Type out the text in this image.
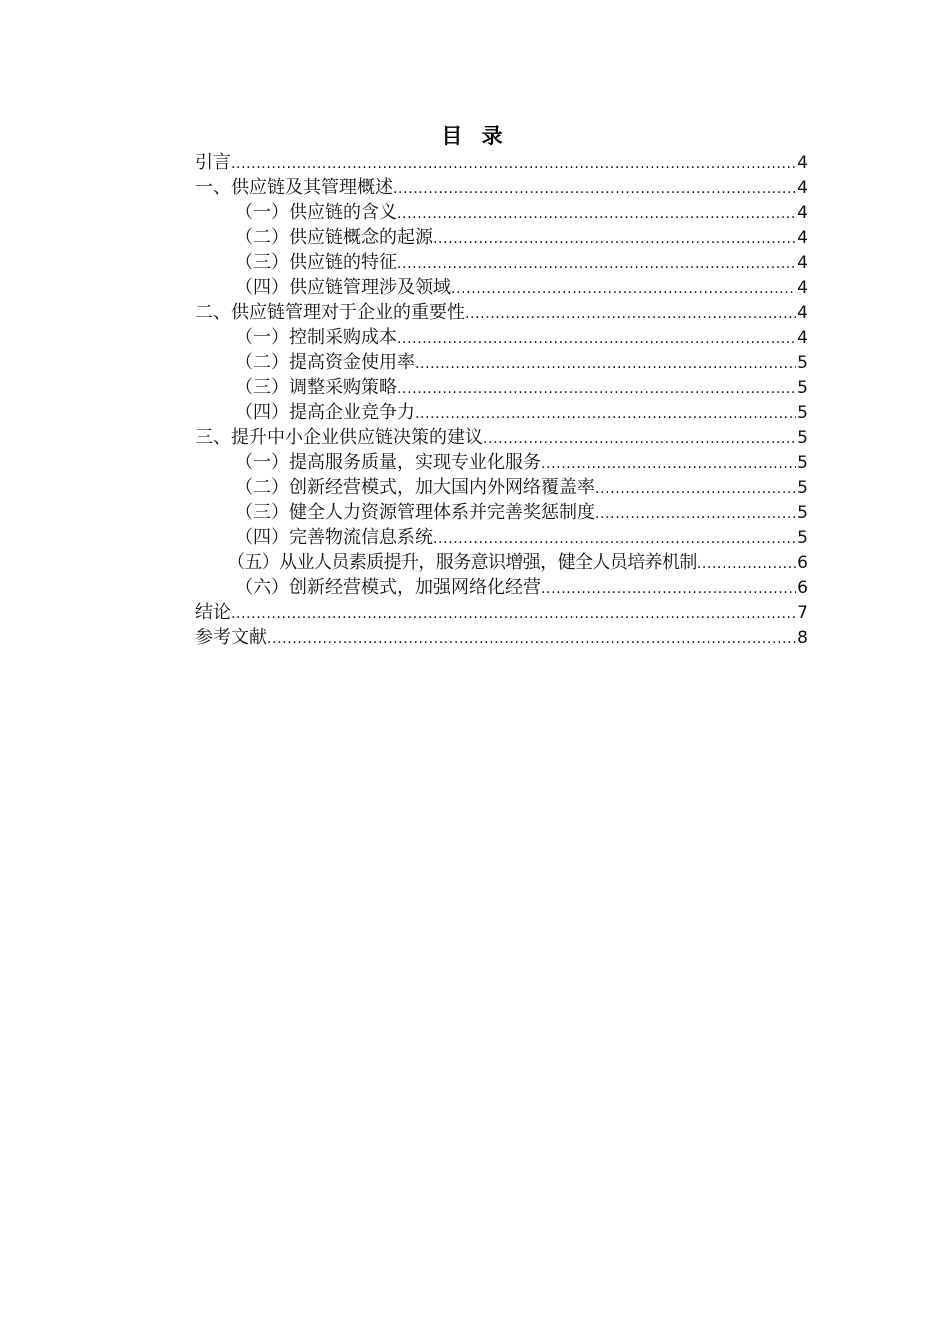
目 录
引言 .....	4
一、供应链及其管理概述 .....	4
（一）供应链的含义 .....	4
（二）供应链概念的起源 .....	4
（三）供应链的特征 .....	4
（四）供应链管理涉及领域 .....	4
二、供应链管理对于企业的重要性 .....	4
（一）控制采购成本 .....	4
（二）提高资金使用率 .....	5
（三）调整采购策略 .....	5
（四）提高企业竞争力 .....	5
三、提升中小企业供应链决策的建议 .....	5
（一）提高服务质量，实现专业化服务 .....	5
（二）创新经营模式，加大国内外网络覆盖率 .....	5
（三）健全人力资源管理体系并完善奖惩制度 .....	5
（四）完善物流信息系统 .....	5
（五）从业人员素质提升，服务意识增强，健全人员培养机制 .....	6
（六）创新经营模式，加强网络化经营 .....	6
结论 .....	7
参考文献 .....	8
